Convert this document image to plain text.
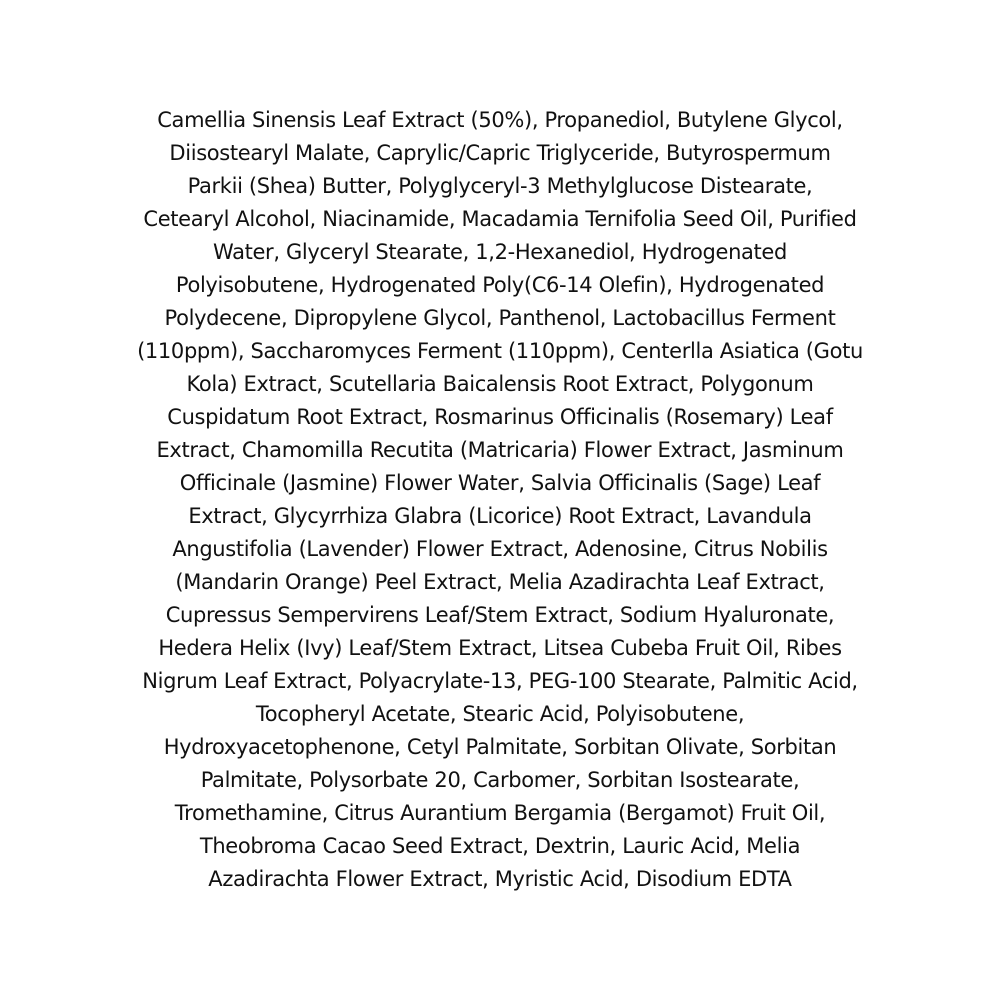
Camellia Sinensis Leaf Extract (50%), Propanediol, Butylene Glycol,
Diisostearyl Malate, Caprylic/Capric Triglyceride, Butyrospermum
Parkii (Shea) Butter, Polyglyceryl-3 Methylglucose Distearate,
Cetearyl Alcohol, Niacinamide, Macadamia Ternifolia Seed Oil, Purified
Water, Glyceryl Stearate, 1,2-Hexanediol, Hydrogenated
Polyisobutene, Hydrogenated Poly(C6-14 Olefin), Hydrogenated
Polydecene, Dipropylene Glycol, Panthenol, Lactobacillus Ferment
(110ppm), Saccharomyces Ferment (110ppm), Centerlla Asiatica (Gotu
Kola) Extract, Scutellaria Baicalensis Root Extract, Polygonum
Cuspidatum Root Extract, Rosmarinus Officinalis (Rosemary) Leaf
Extract, Chamomilla Recutita (Matricaria) Flower Extract, Jasminum
Officinale (Jasmine) Flower Water, Salvia Officinalis (Sage) Leaf
Extract, Glycyrrhiza Glabra (Licorice) Root Extract, Lavandula
Angustifolia (Lavender) Flower Extract, Adenosine, Citrus Nobilis
(Mandarin Orange) Peel Extract, Melia Azadirachta Leaf Extract,
Cupressus Sempervirens Leaf/Stem Extract, Sodium Hyaluronate,
Hedera Helix (Ivy) Leaf/Stem Extract, Litsea Cubeba Fruit Oil, Ribes
Nigrum Leaf Extract, Polyacrylate-13, PEG-100 Stearate, Palmitic Acid,
Tocopheryl Acetate, Stearic Acid, Polyisobutene,
Hydroxyacetophenone, Cetyl Palmitate, Sorbitan Olivate, Sorbitan
Palmitate, Polysorbate 20, Carbomer, Sorbitan Isostearate,
Tromethamine, Citrus Aurantium Bergamia (Bergamot) Fruit Oil,
Theobroma Cacao Seed Extract, Dextrin, Lauric Acid, Melia
Azadirachta Flower Extract, Myristic Acid, Disodium EDTA
